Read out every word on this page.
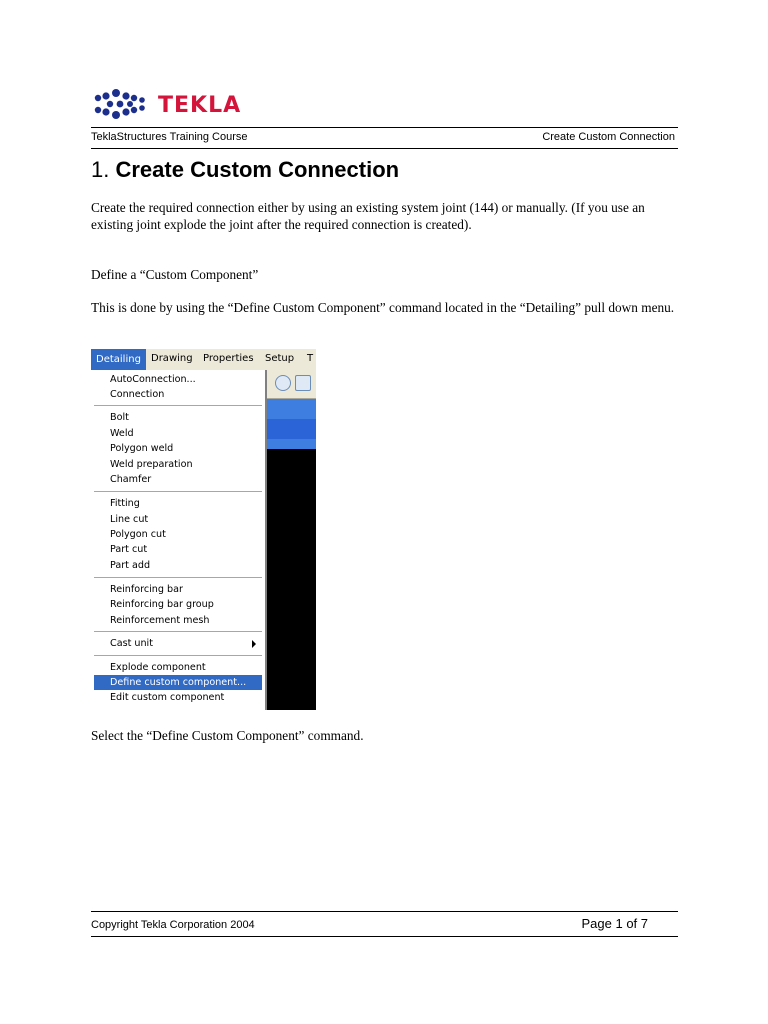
TEKLA
TeklaStructures Training Course	Create Custom Connection
1. Create Custom Connection
Create the required connection either by using an existing system joint (144) or manually. (If you use an existing joint explode the joint after the required connection is created).
Define a “Custom Component”
This is done by using the “Define Custom Component” command located in the “Detailing” pull down menu.
Detailing	Drawing Properties Setup T
AutoConnection...
Connection
Bolt
Weld
Polygon weld
Weld preparation
Chamfer
Fitting
Line cut
Polygon cut
Part cut
Part add
Reinforcing bar
Reinforcing bar group
Reinforcement mesh
Cast unit
Explode component
Define custom component...
Edit custom component
Select the “Define Custom Component” command.
Copyright Tekla Corporation 2004	Page 1 of 7
